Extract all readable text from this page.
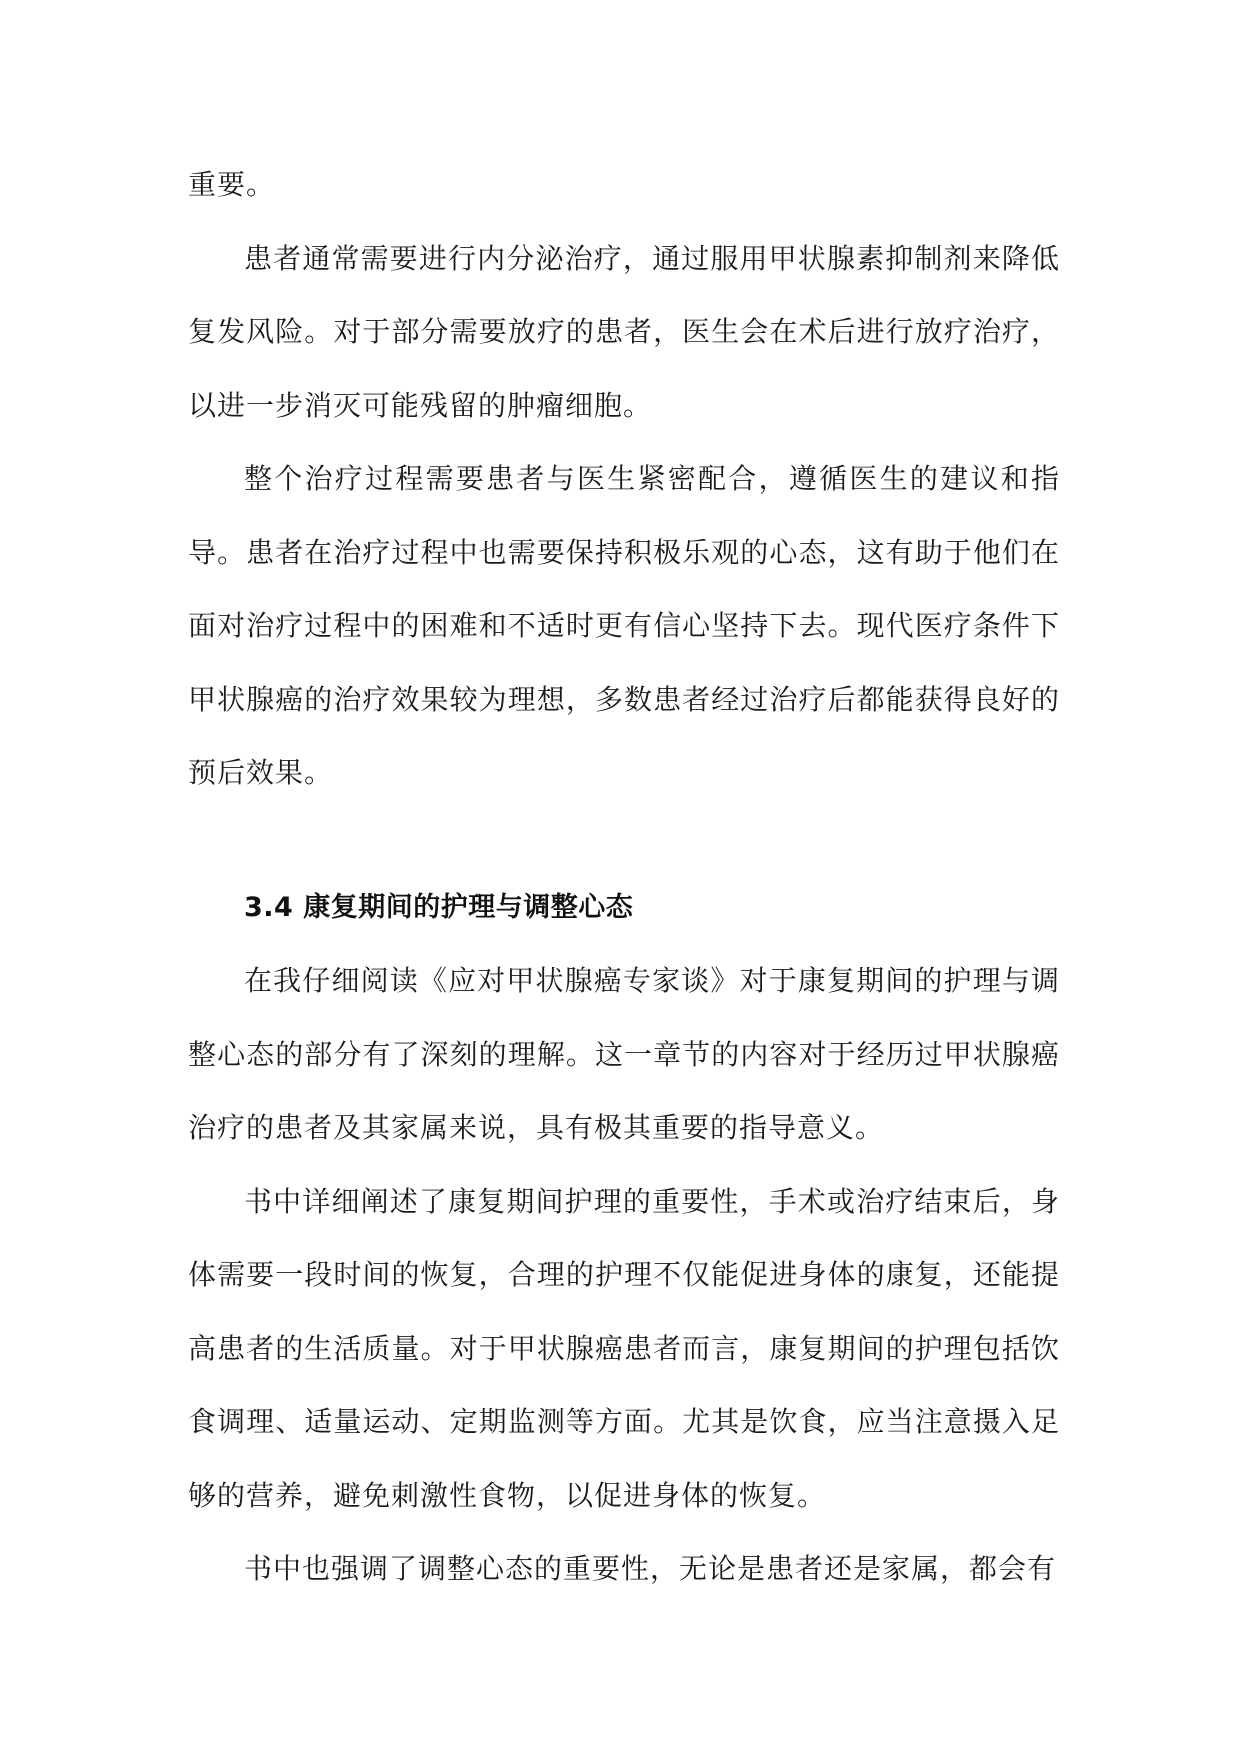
重要。

患者通常需要进行内分泌治疗，通过服用甲状腺素抑制剂来降低复发风险。对于部分需要放疗的患者，医生会在术后进行放疗治疗，以进一步消灭可能残留的肿瘤细胞。

整个治疗过程需要患者与医生紧密配合，遵循医生的建议和指导。患者在治疗过程中也需要保持积极乐观的心态，这有助于他们在面对治疗过程中的困难和不适时更有信心坚持下去。现代医疗条件下甲状腺癌的治疗效果较为理想，多数患者经过治疗后都能获得良好的预后效果。

3.4 康复期间的护理与调整心态

在我仔细阅读《应对甲状腺癌专家谈》对于康复期间的护理与调整心态的部分有了深刻的理解。这一章节的内容对于经历过甲状腺癌治疗的患者及其家属来说，具有极其重要的指导意义。

书中详细阐述了康复期间护理的重要性，手术或治疗结束后，身体需要一段时间的恢复，合理的护理不仅能促进身体的康复，还能提高患者的生活质量。对于甲状腺癌患者而言，康复期间的护理包括饮食调理、适量运动、定期监测等方面。尤其是饮食，应当注意摄入足够的营养，避免刺激性食物，以促进身体的恢复。

书中也强调了调整心态的重要性，无论是患者还是家属，都会有
